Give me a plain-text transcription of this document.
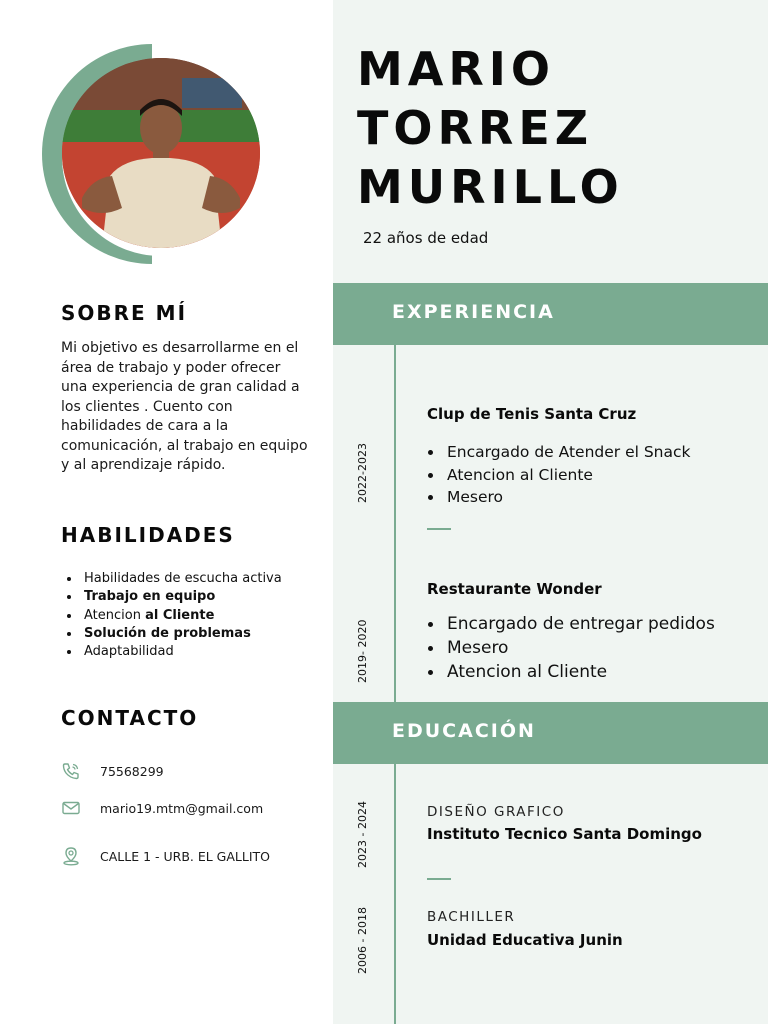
MARIO
TORREZ
MURILLO
22 años de edad
SOBRE MÍ
Mi objetivo es desarrollarme en el área de trabajo y poder ofrecer una experiencia de gran calidad a los clientes . Cuento con habilidades de cara a la comunicación, al trabajo en equipo y al aprendizaje rápido.
HABILIDADES
Habilidades de escucha activa
Trabajo en equipo
Atencion al Cliente
Solución de problemas
Adaptabilidad
CONTACTO
75568299
mario19.mtm@gmail.com
CALLE 1 - URB. EL GALLITO
EXPERIENCIA
2022-2023
Clup de Tenis Santa Cruz
Encargado de Atender el Snack
Atencion al Cliente
Mesero
2019- 2020
Restaurante Wonder
Encargado de entregar pedidos
Mesero
Atencion al Cliente
EDUCACIÓN
2023 - 2024	DISEÑO GRAFICO
Instituto Tecnico Santa Domingo
2006 - 2018	BACHILLER
Unidad Educativa Junin
